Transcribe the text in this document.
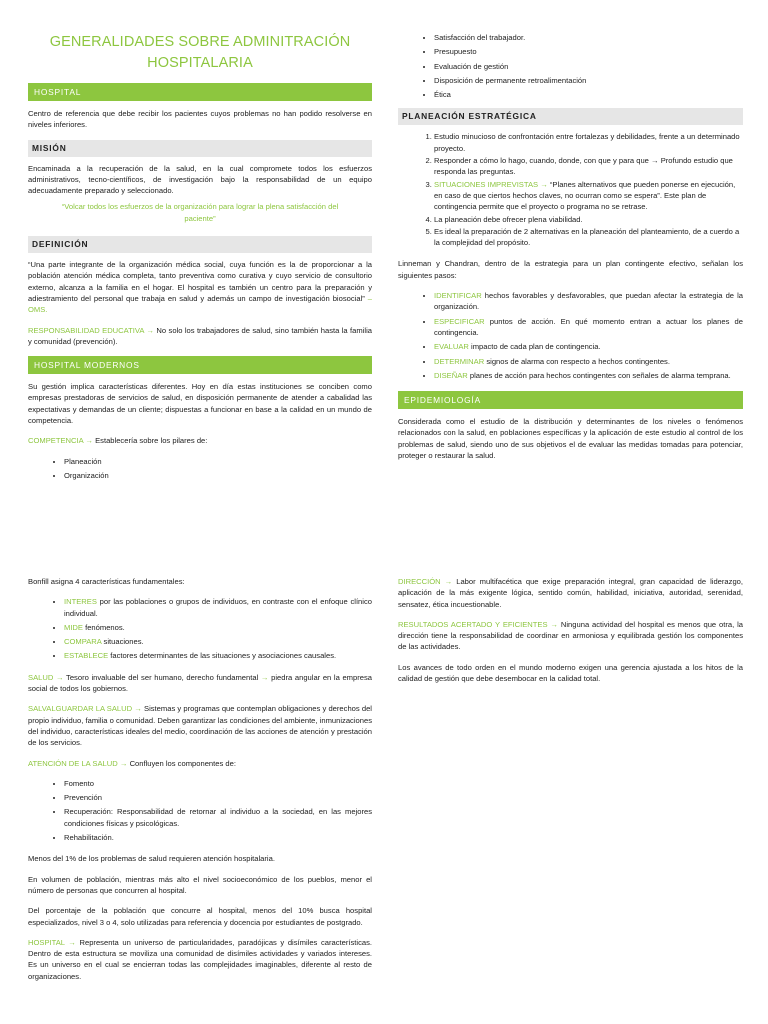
GENERALIDADES SOBRE ADMINITRACIÓN
HOSPITALARIA
HOSPITAL

Centro de referencia que debe recibir los pacientes cuyos problemas no han podido resolverse en niveles inferiores.

MISIÓN

Encaminada a la recuperación de la salud, en la cual compromete todos los esfuerzos administrativos, tecno-científicos, de investigación bajo la responsabilidad de un equipo adecuadamente preparado y seleccionado.

“Volcar todos los esfuerzos de la organización para lograr la plena satisfacción del paciente”

DEFINICIÓN

“Una parte integrante de la organización médica social, cuya función es la de proporcionar a la población atención médica completa, tanto preventiva como curativa y cuyo servicio de consultorio externo, alcanza a la familia en el hogar. El hospital es también un centro para la preparación y adiestramiento del personal que trabaja en salud y además un campo de investigación biosocial” – OMS.

RESPONSABILIDAD EDUCATIVA → No solo los trabajadores de salud, sino también hasta la familia y comunidad (prevención).

HOSPITAL MODERNOS

Su gestión implica características diferentes. Hoy en día estas instituciones se conciben como empresas prestadoras de servicios de salud, en disposición permanente de atender a cabalidad las expectativas y demandas de un cliente; dispuestas a funcionar en base a la calidad en un mundo de competencia.

COMPETENCIA → Establecería sobre los pilares de:

• Planeación
• Organización
• Satisfacción del trabajador.
• Presupuesto
• Evaluación de gestión
• Disposición de permanente retroalimentación
• Ética
PLANEACIÓN ESTRATÉGICA
1. Estudio minucioso de confrontación entre fortalezas y debilidades, frente a un determinado proyecto.
2. Responder a cómo lo hago, cuando, donde, con que y para que → Profundo estudio que responda las preguntas.
3. SITUACIONES IMPREVISTAS → “Planes alternativos que pueden ponerse en ejecución, en caso de que ciertos hechos claves, no ocurran como se espera”. Este plan de contingencia permite que el proyecto o programa no se retrase.
4. La planeación debe ofrecer plena viabilidad.
5. Es ideal la preparación de 2 alternativas en la planeación del planteamiento, de a cuerdo a la complejidad del propósito.

Linneman y Chandran, dentro de la estrategia para un plan contingente efectivo, señalan los siguientes pasos:

• IDENTIFICAR hechos favorables y desfavorables, que puedan afectar la estrategia de la organización.
• ESPECIFICAR puntos de acción. En qué momento entran a actuar los planes de contingencia.
• EVALUAR impacto de cada plan de contingencia.
• DETERMINAR signos de alarma con respecto a hechos contingentes.
• DISEÑAR planes de acción para hechos contingentes con señales de alarma temprana.
EPIDEMIOLOGÍA

Considerada como el estudio de la distribución y determinantes de los niveles o fenómenos relacionados con la salud, en poblaciones específicas y la aplicación de este estudio al control de los problemas de salud, siendo uno de sus objetivos el de evaluar las medidas tomadas para potenciar, proteger o restaurar la salud.

Bonfill asigna 4 características fundamentales:

• INTERES por las poblaciones o grupos de individuos, en contraste con el enfoque clínico individual.
• MIDE fenómenos.
• COMPARA situaciones.
• ESTABLECE factores determinantes de las situaciones y asociaciones causales.

SALUD → Tesoro invaluable del ser humano, derecho fundamental → piedra angular en la empresa social de todos los gobiernos.

SALVALGUARDAR LA SALUD → Sistemas y programas que contemplan obligaciones y derechos del propio individuo, familia o comunidad. Deben garantizar las condiciones del ambiente, inmunizaciones del individuo, características ideales del medio, coordinación de las acciones de atención y prestación de los servicios.

ATENCIÓN DE LA SALUD → Confluyen los componentes de:

• Fomento
• Prevención
• Recuperación: Responsabilidad de retornar al individuo a la sociedad, en las mejores condiciones físicas y psicológicas.
• Rehabilitación.

Menos del 1% de los problemas de salud requieren atención hospitalaria.

En volumen de población, mientras más alto el nivel socioeconómico de los pueblos, menor el número de personas que concurren al hospital.

Del porcentaje de la población que concurre al hospital, menos del 10% busca hospital especializados, nivel 3 o 4, solo utilizadas para referencia y docencia por estudiantes de postgrado.

HOSPITAL → Representa un universo de particularidades, paradójicas y disímiles características. Dentro de esta estructura se moviliza una comunidad de disímiles actividades y variados intereses. Es un universo en el cual se encierran todas las complejidades imaginables, diferente al resto de organizaciones.

DIRECCIÓN → Labor multifacética que exige preparación integral, gran capacidad de liderazgo, aplicación de la más exigente lógica, sentido común, habilidad, iniciativa, autoridad, serenidad, sensatez, ética incuestionable.

RESULTADOS ACERTADO Y EFICIENTES → Ninguna actividad del hospital es menos que otra, la dirección tiene la responsabilidad de coordinar en armoniosa y equilibrada gestión los componentes de las actividades.

Los avances de todo orden en el mundo moderno exigen una gerencia ajustada a los hitos de la calidad de gestión que debe desembocar en la calidad total.
